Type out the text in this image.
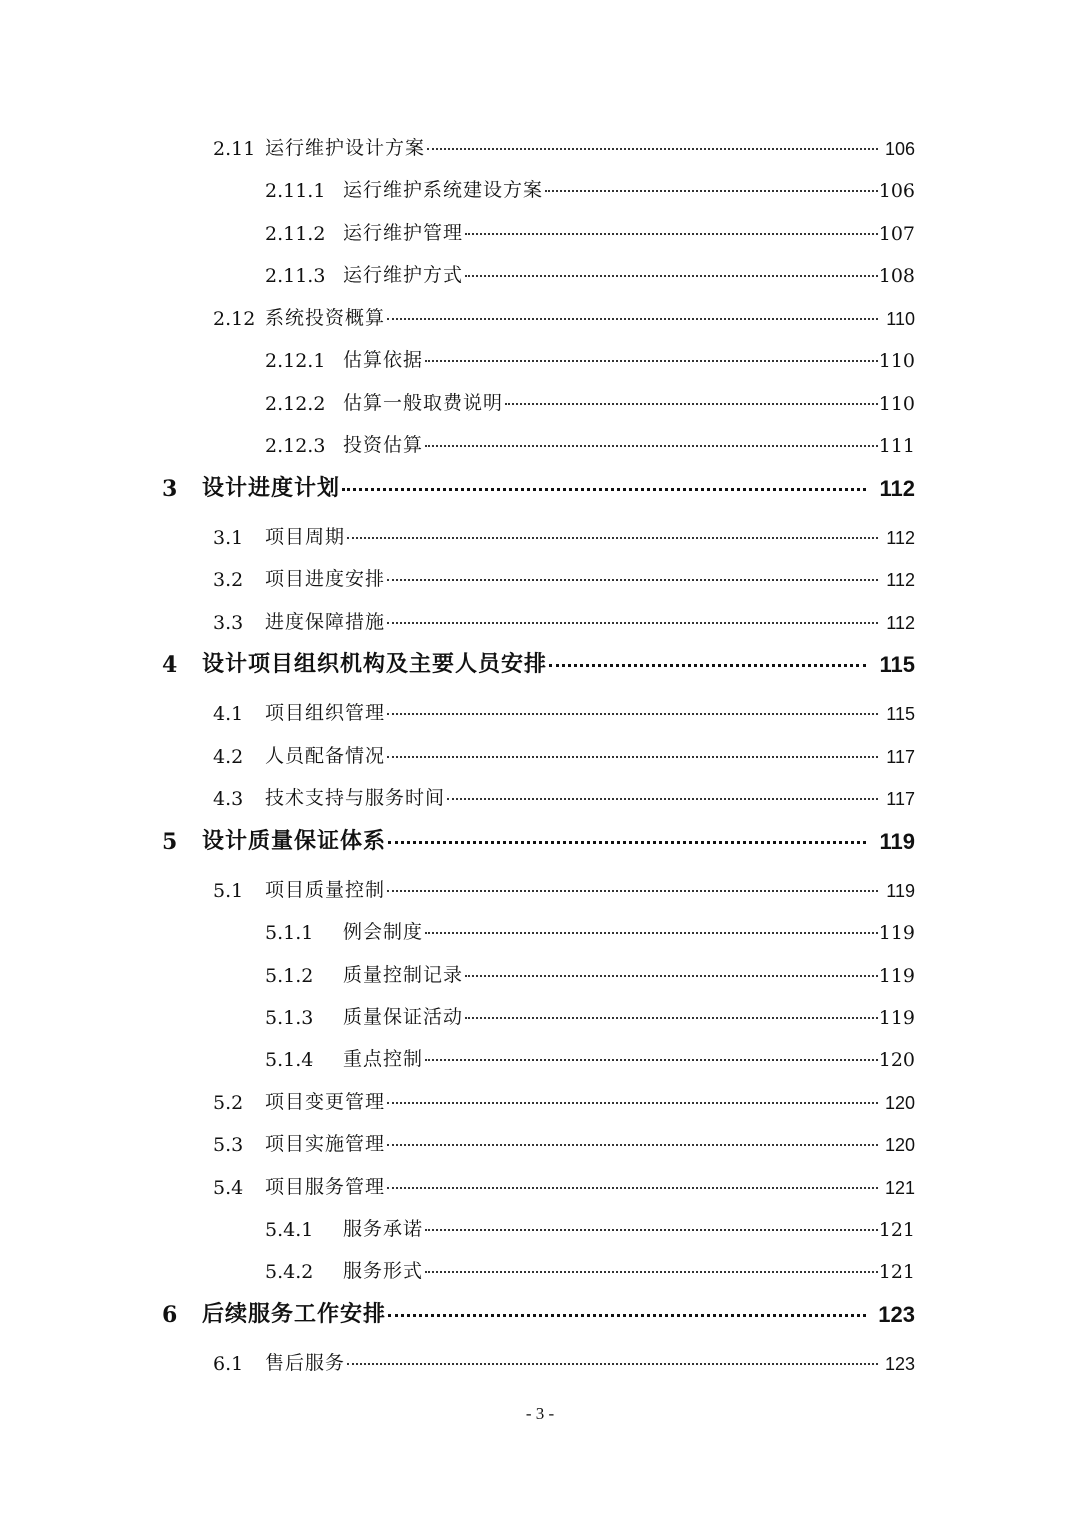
2.11 运行维护设计方案	106
2.11.1 运行维护系统建设方案	106
2.11.2 运行维护管理	107
2.11.3 运行维护方式	108
2.12 系统投资概算	110
2.12.1 估算依据	110
2.12.2 估算一般取费说明	110
2.12.3 投资估算	111
3 设计进度计划	112
3.1 项目周期	112
3.2 项目进度安排	112
3.3 进度保障措施	112
4 设计项目组织机构及主要人员安排	115
4.1 项目组织管理	115
4.2 人员配备情况	117
4.3 技术支持与服务时间	117
5 设计质量保证体系	119
5.1 项目质量控制	119
5.1.1 例会制度	119
5.1.2 质量控制记录	119
5.1.3 质量保证活动	119
5.1.4 重点控制	120
5.2 项目变更管理	120
5.3 项目实施管理	120
5.4 项目服务管理	121
5.4.1 服务承诺	121
5.4.2 服务形式	121
6 后续服务工作安排	123
6.1 售后服务	123
- 3 -
